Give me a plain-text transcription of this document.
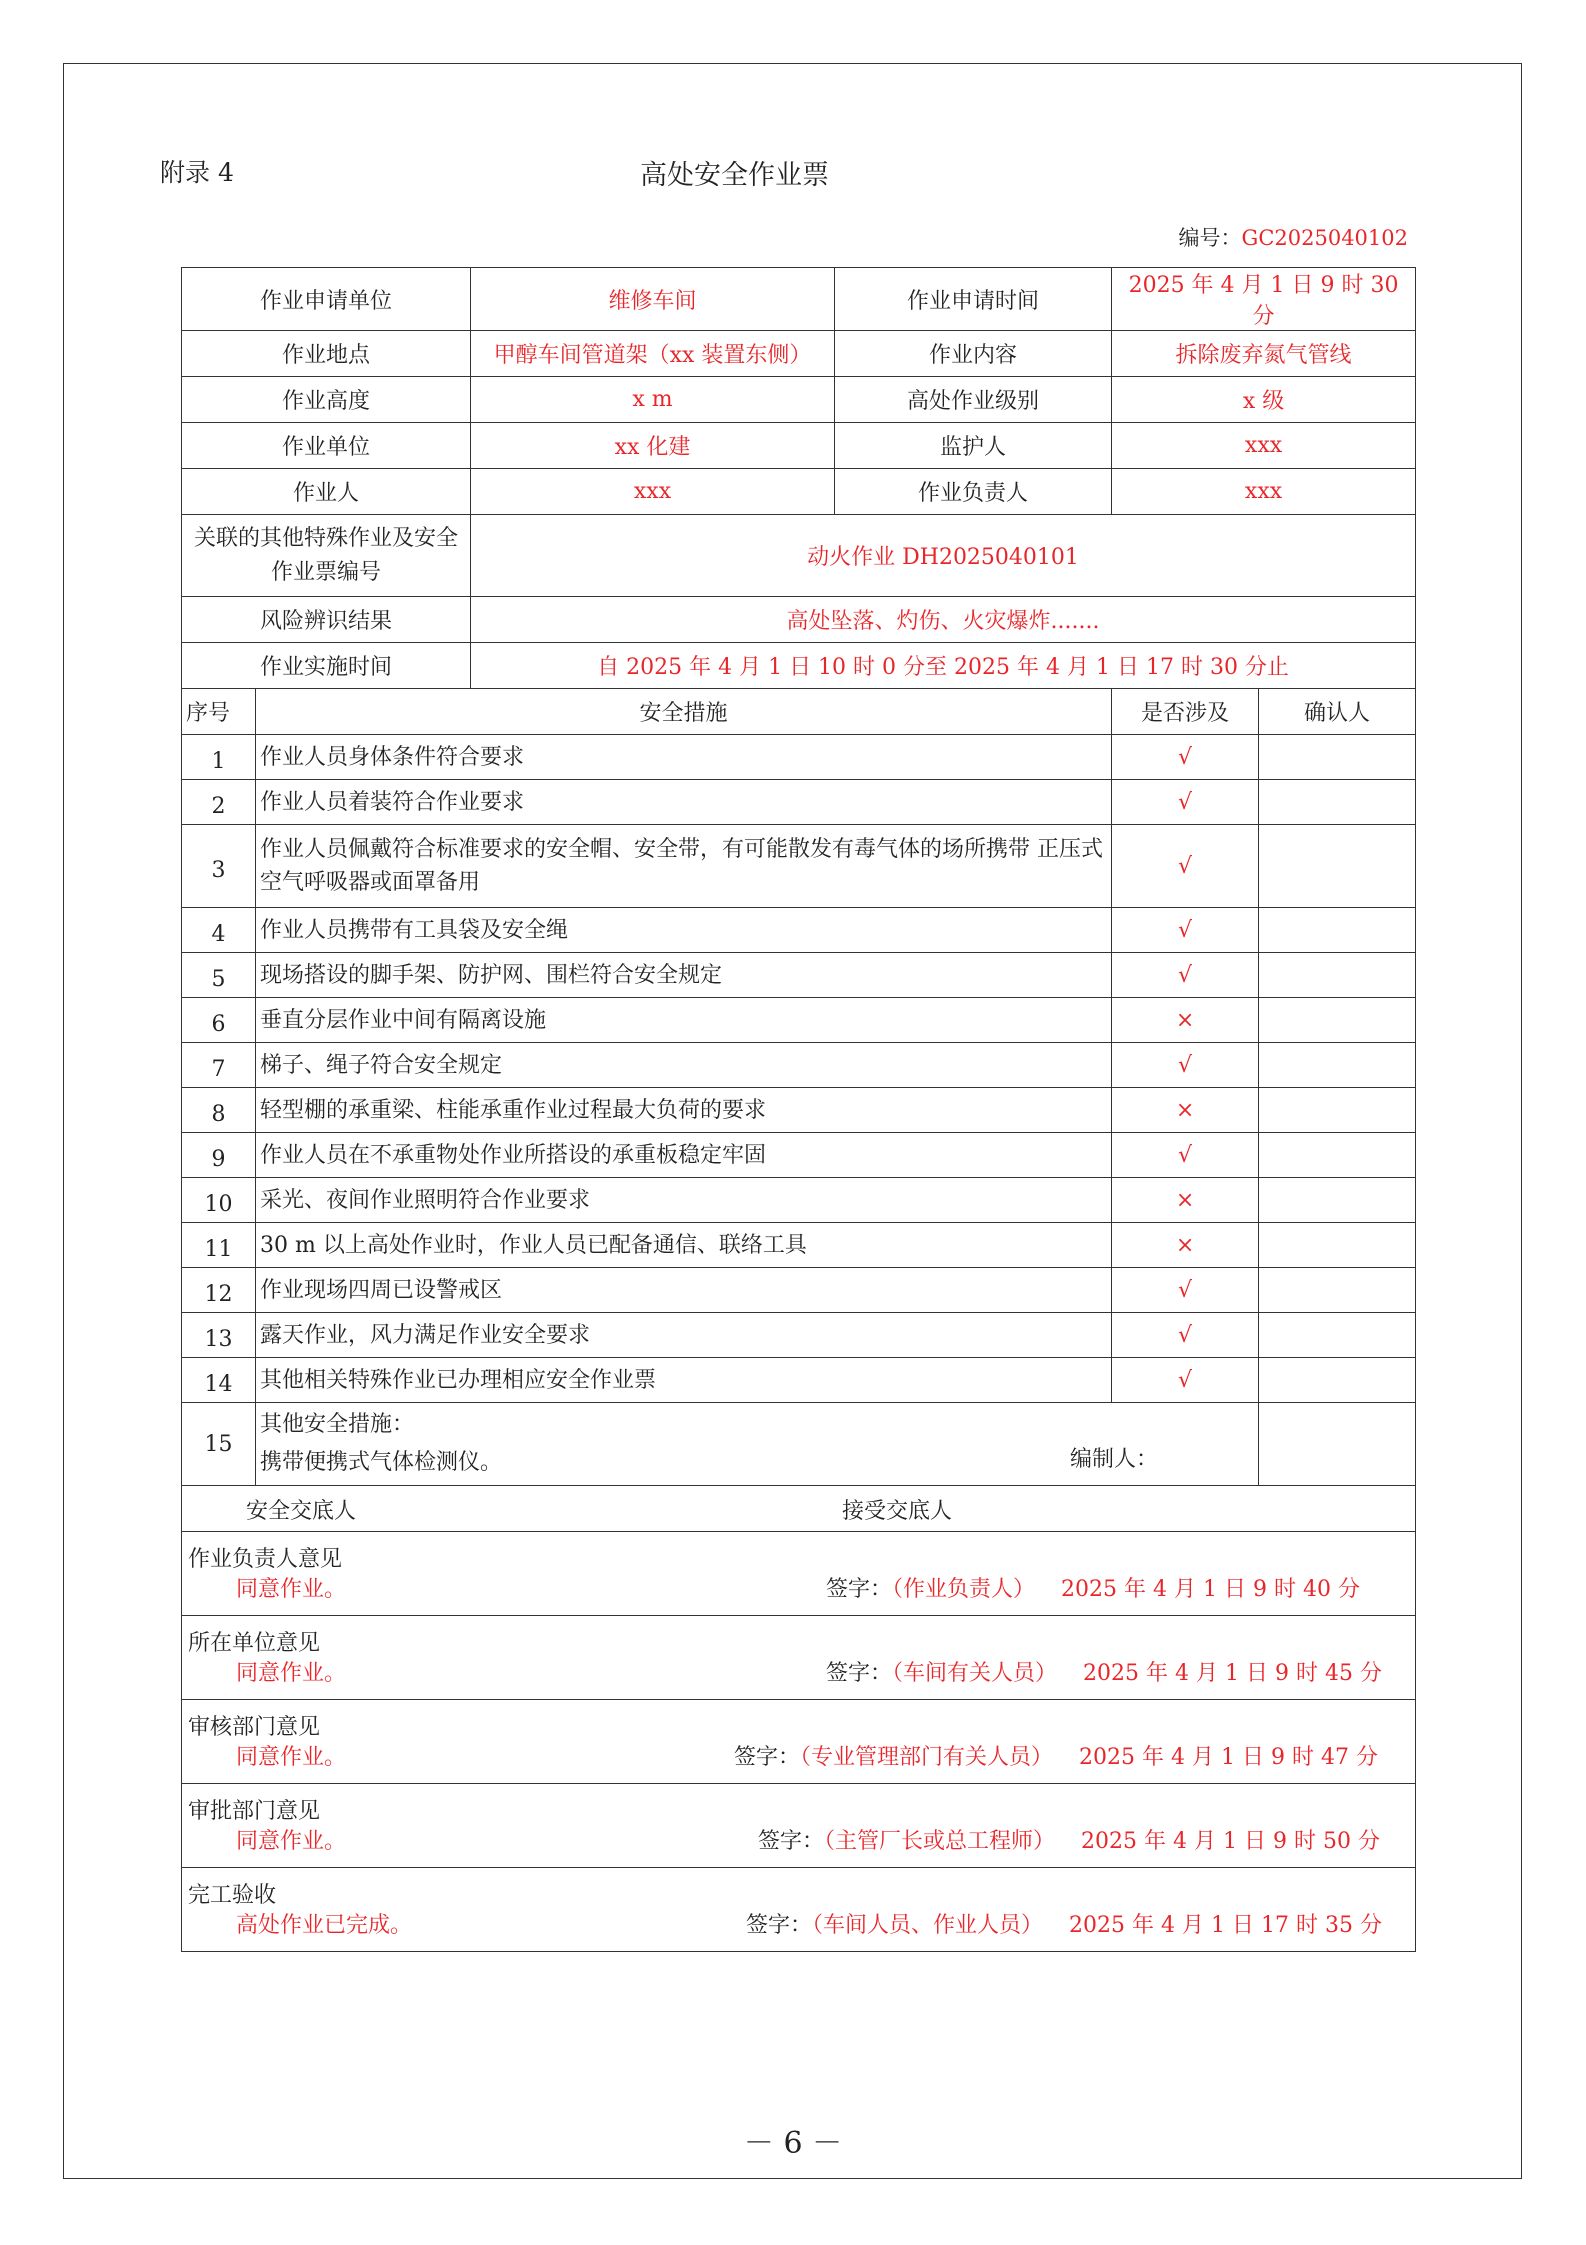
附录 4	高处安全作业票
编号：GC2025040102
作业申请单位		维修车间	作业申请时间	2025 年 4 月 1 日 9 时 30 分	
作业地点		甲醇车间管道架（xx 装置东侧）	作业内容	拆除废弃氮气管线	
作业高度		x m	高处作业级别	x 级	
作业单位		xx 化建	监护人	xxx	
作业人		xxx	作业负责人	xxx	
关联的其他特殊作业及安全作业票编号		动火作业 DH2025040101			
风险辨识结果		高处坠落、灼伤、火灾爆炸.......			
作业实施时间		自 2025 年 4 月 1 日 10 时 0 分至 2025 年 4 月 1 日 17 时 30 分止			
序号	安全措施			是否涉及	确认人
1	作业人员身体条件符合要求			√	
2	作业人员着装符合作业要求			√	
3	作业人员佩戴符合标准要求的安全帽、安全带，有可能散发有毒气体的场所携带 正压式空气呼吸器或面罩备用			√	
4	作业人员携带有工具袋及安全绳			√	
5	现场搭设的脚手架、防护网、围栏符合安全规定			√	
6	垂直分层作业中间有隔离设施			×	
7	梯子、绳子符合安全规定			√	
8	轻型棚的承重梁、柱能承重作业过程最大负荷的要求			×	
9	作业人员在不承重物处作业所搭设的承重板稳定牢固			√	
10	采光、夜间作业照明符合作业要求			×	
11	30 m 以上高处作业时，作业人员已配备通信、联络工具			×	
12	作业现场四周已设警戒区			√	
13	露天作业，风力满足作业安全要求			√	
14	其他相关特殊作业已办理相应安全作业票			√	
15	其他安全措施：
携带便携式气体检测仪。 编制人：				

安全交底人 接受交底人					

作业负责人意见
同意作业。 签字：（作业负责人） 2025 年 4 月 1 日 9 时 40 分					

所在单位意见
同意作业。 签字：（车间有关人员） 2025 年 4 月 1 日 9 时 45 分					

审核部门意见
同意作业。 签字：（专业管理部门有关人员） 2025 年 4 月 1 日 9 时 47 分					

审批部门意见
同意作业。 签字：（主管厂长或总工程师） 2025 年 4 月 1 日 9 时 50 分					

完工验收
高处作业已完成。 签字：（车间人员、作业人员） 2025 年 4 月 1 日 17 时 35 分					
－ 6 －
